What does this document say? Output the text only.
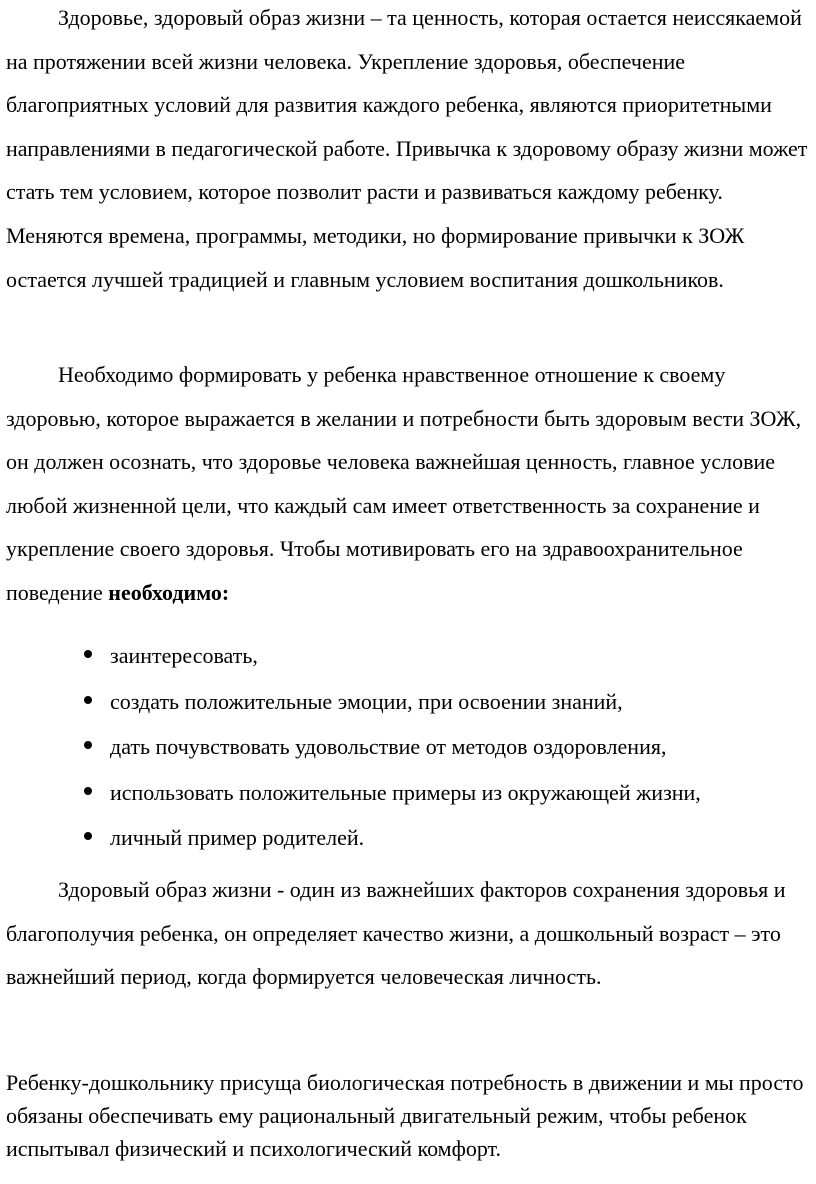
Здоровье, здоровый образ жизни – та ценность, которая остается неиссякаемой на протяжении всей жизни человека. Укрепление здоровья, обеспечение благоприятных условий для развития каждого ребенка, являются приоритетными направлениями в педагогической работе. Привычка к здоровому образу жизни может стать тем условием, которое позволит расти и развиваться каждому ребенку. Меняются времена, программы, методики, но формирование привычки к ЗОЖ остается лучшей традицией и главным условием воспитания дошкольников.

Необходимо формировать у ребенка нравственное отношение к своему здоровью, которое выражается в желании и потребности быть здоровым вести ЗОЖ, он должен осознать, что здоровье человека важнейшая ценность, главное условие любой жизненной цели, что каждый сам имеет ответственность за сохранение и укрепление своего здоровья. Чтобы мотивировать его на здравоохранительное поведение необходимо:

заинтересовать,
создать положительные эмоции, при освоении знаний,
дать почувствовать удовольствие от методов оздоровления,
использовать положительные примеры из окружающей жизни,
личный пример родителей.

Здоровый образ жизни - один из важнейших факторов сохранения здоровья и благополучия ребенка, он определяет качество жизни, а дошкольный возраст – это важнейший период, когда формируется человеческая личность.

Ребенку-дошкольнику присуща биологическая потребность в движении и мы просто обязаны обеспечивать ему рациональный двигательный режим, чтобы ребенок испытывал физический и психологический комфорт.
